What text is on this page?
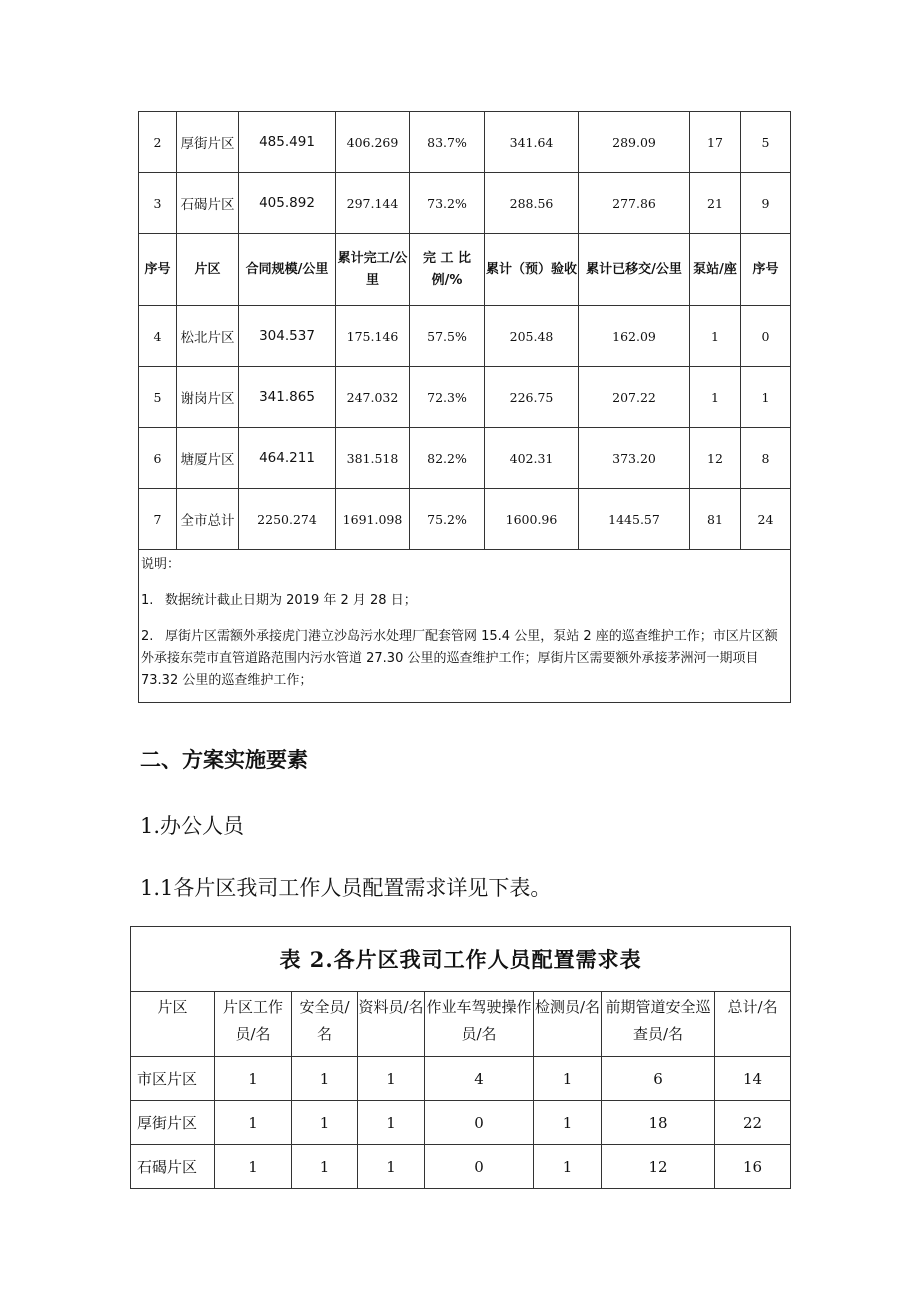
2	厚街片区	485.491	406.269	83.7%	341.64	289.09	17	5
3	石碣片区	405.892	297.144	73.2%	288.56	277.86	21	9
序号	片区	合同规模/公里	累计完工/公里	完 工 比 例/%	累计（预）验收	累计已移交/公里	泵站/座	序号
4	松北片区	304.537	175.146	57.5%	205.48	162.09	1	0
5	谢岗片区	341.865	247.032	72.3%	226.75	207.22	1	1
6	塘厦片区	464.211	381.518	82.2%	402.31	373.20	12	8
7	全市总计	2250.274	1691.098	75.2%	1600.96	1445.57	81	24

说明：

1. 数据统计截止日期为 2019 年 2 月 28 日；

2. 厚街片区需额外承接虎门港立沙岛污水处理厂配套管网 15.4 公里，泵站 2 座的巡查维护工作；市区片区额外承接东莞市直管道路范围内污水管道 27.30 公里的巡查维护工作；厚街片区需要额外承接茅洲河一期项目 73.32 公里的巡查维护工作；								

二、方案实施要素
1.办公人员

1.1各片区我司工作人员配置需求详见下表。

表 2.各片区我司工作人员配置需求表							
片区	片区工作员/名	安全员/名	资料员/名	作业车驾驶操作员/名	检测员/名	前期管道安全巡查员/名	总计/名
市区片区	1	1	1	4	1	6	14
厚街片区	1	1	1	0	1	18	22
石碣片区	1	1	1	0	1	12	16
